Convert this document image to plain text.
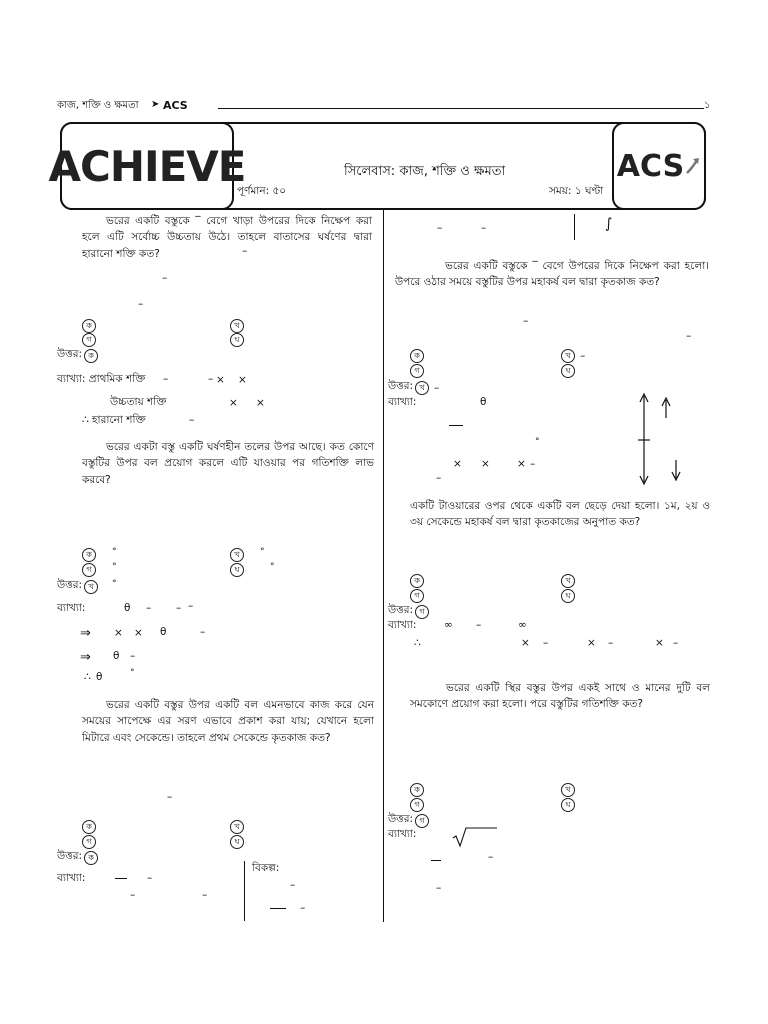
কাজ, শক্তি ও ক্ষমতা ➤ ACS	১
ACHIEVE	ACS
সিলেবাস: কাজ, শক্তি ও ক্ষমতা
পূর্ণমান: ৫০	সময়: ১ ঘণ্টা
ভরের একটি বস্তুকে ‾ বেগে খাড়া উপরের দিকে নিক্ষেপ করা হলে এটি সর্বোচ্চ উচ্চতায় উঠে। তাহলে বাতাসের ঘর্ষণের দ্বারা হারানো শক্তি কত?	–
–
–
ক	খ
গ	ঘ
উত্তর: ক
ব্যাখ্যা: প্রাথমিক শক্তি –	– × ×
উচ্চতায় শক্তি	× ×
∴ হারানো শক্তি	–
ভরের একটা বস্তু একটি ঘর্ষণহীন তলের উপর আছে। কত কোণে বস্তুটির উপর বল প্রয়োগ করলে এটি যাওয়ার পর গতিশক্তি লাভ করবে?
ক	°	খ	°
গ	°	ঘ	°
উত্তর: খ	°
ব্যাখ্যা:	θ – – –
⇒ × × θ	–
⇒ θ –
∴ θ	°
ভরের একটি বস্তুর উপর একটি বল এমনভাবে কাজ করে যেন সময়ের সাপেক্ষে এর সরণ এভাবে প্রকাশ করা যায়; যেখানে হলো মিটারে এবং সেকেন্ডে। তাহলে প্রথম সেকেন্ডে কৃতকাজ কত?
–
ক	খ
গ	ঘ
উত্তর: ক
ব্যাখ্যা:	–
–	–
বিকল্প:
–
–
–	–	∫
ভরের একটি বস্তুকে ‾ বেগে উপরের দিকে নিক্ষেপ করা হলো। উপরে ওঠার সময়ে বস্তুটির উপর মহাকর্ষ বল দ্বারা কৃতকাজ কত?
–
–
ক	খ –
গ	ঘ
উত্তর: খ –
ব্যাখ্যা:	θ
°
× ×	× –
–
একটি টাওয়ারের ওপর থেকে একটি বল ছেড়ে দেয়া হলো। ১ম, ২য় ও ৩য় সেকেন্ডে মহাকর্ষ বল দ্বারা কৃতকাজের অনুপাত কত?
ক	খ
গ	ঘ
উত্তর: গ
ব্যাখ্যা:	∞ –	∞
∴	× –	× –	× –
ভরের একটি স্থির বস্তুর উপর একই সাথে ও মানের দুটি বল সমকোণে প্রয়োগ করা হলো। পরে বস্তুটির গতিশক্তি কত?
ক	খ
গ	ঘ
উত্তর: গ
ব্যাখ্যা:
–
–
